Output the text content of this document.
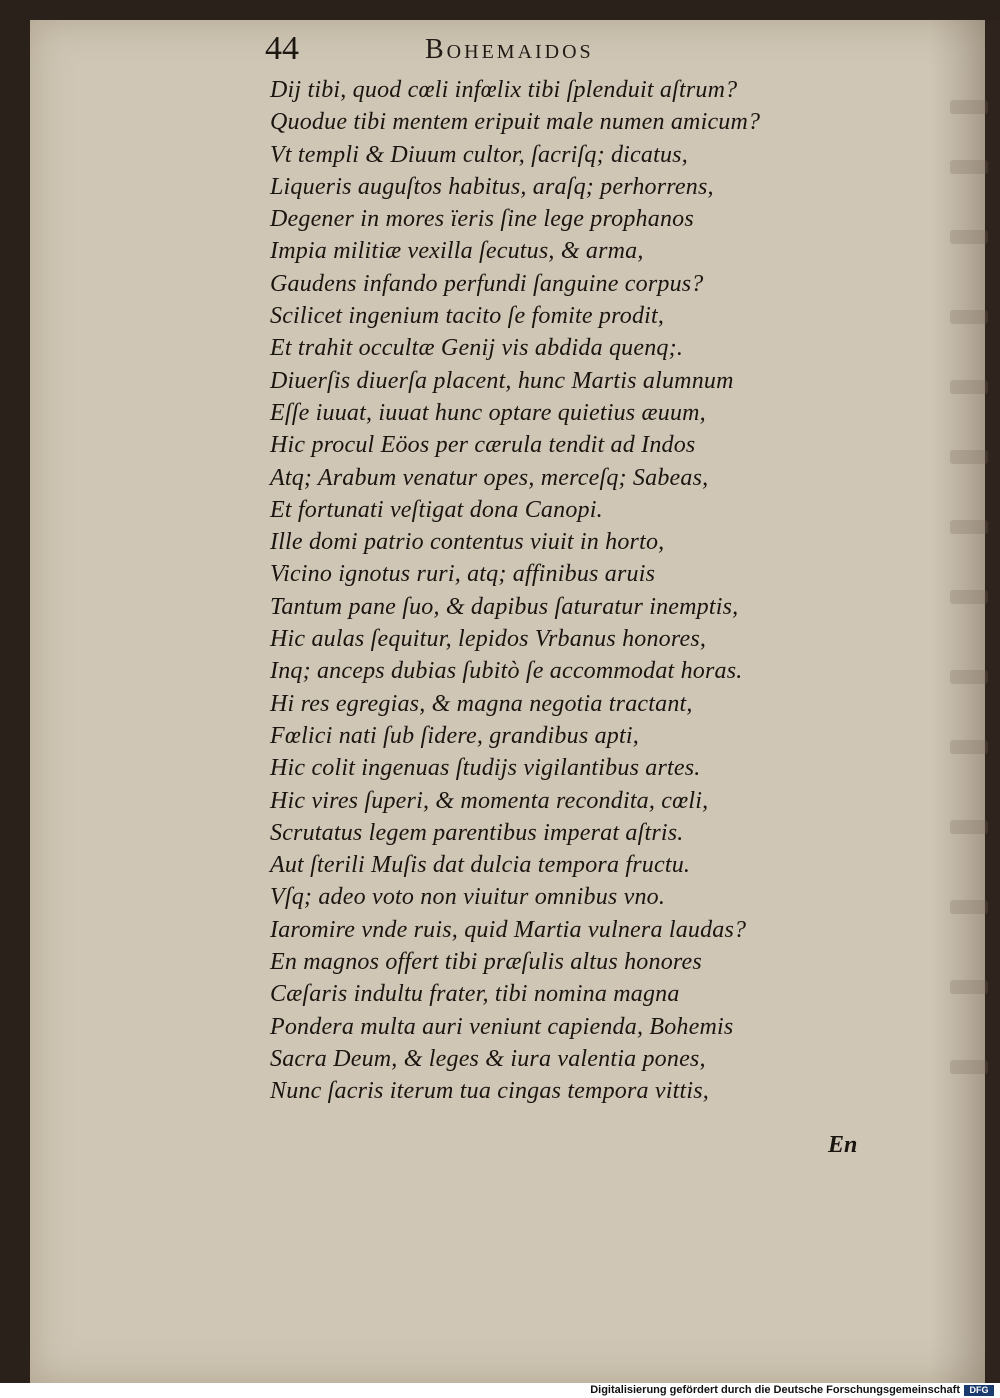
44	Bohemaidos
Dij tibi, quod cœli infœlix tibi ſplenduit aſtrum?
Quodue tibi mentem eripuit male numen amicum?
Vt templi & Diuum cultor, ſacriſq; dicatus,
Liqueris auguſtos habitus, araſq; perhorrens,
Degener in mores ïeris ſine lege prophanos
Impia militiæ vexilla ſecutus, & arma,
Gaudens infando perfundi ſanguine corpus?
Scilicet ingenium tacito ſe fomite prodit,
Et trahit occultæ Genij vis abdida quenq;.
Diuerſis diuerſa placent, hunc Martis alumnum
Eſſe iuuat, iuuat hunc optare quietius æuum,
Hic procul Eöos per cærula tendit ad Indos
Atq; Arabum venatur opes, merceſq; Sabeas,
Et fortunati veſtigat dona Canopi.
Ille domi patrio contentus viuit in horto,
Vicino ignotus ruri, atq; affinibus aruis
Tantum pane ſuo, & dapibus ſaturatur inemptis,
Hic aulas ſequitur, lepidos Vrbanus honores,
Inq; anceps dubias ſubitò ſe accommodat horas.
Hi res egregias, & magna negotia tractant,
Fœlici nati ſub ſidere, grandibus apti,
Hic colit ingenuas ſtudijs vigilantibus artes.
Hic vires ſuperi, & momenta recondita, cœli,
Scrutatus legem parentibus imperat aſtris.
Aut ſterili Muſis dat dulcia tempora fructu.
Vſq; adeo voto non viuitur omnibus vno.
Iaromire vnde ruis, quid Martia vulnera laudas?
En magnos offert tibi præſulis altus honores
Cæſaris indultu frater, tibi nomina magna
Pondera multa auri veniunt capienda, Bohemis
Sacra Deum, & leges & iura valentia pones,
Nunc ſacris iterum tua cingas tempora vittis,
En
Digitalisierung gefördert durch die Deutsche Forschungsgemeinschaft	DFG
